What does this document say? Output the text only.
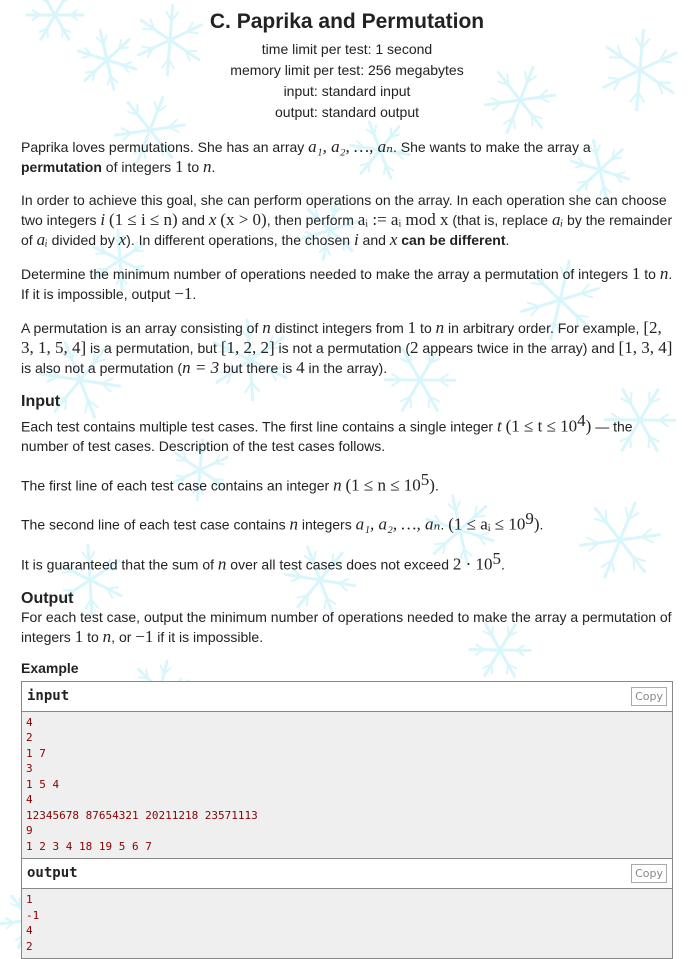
C. Paprika and Permutation
time limit per test: 1 second
memory limit per test: 256 megabytes
input: standard input
output: standard output

Paprika loves permutations. She has an array a₁, a₂, …, aₙ. She wants to make the array a permutation of integers 1 to n.

In order to achieve this goal, she can perform operations on the array. In each operation she can choose two integers i (1 ≤ i ≤ n) and x (x > 0), then perform aᵢ := aᵢ mod x (that is, replace aᵢ by the remainder of aᵢ divided by x). In different operations, the chosen i and x can be different.

Determine the minimum number of operations needed to make the array a permutation of integers 1 to n. If it is impossible, output −1.

A permutation is an array consisting of n distinct integers from 1 to n in arbitrary order. For example, [2, 3, 1, 5, 4] is a permutation, but [1, 2, 2] is not a permutation (2 appears twice in the array) and [1, 3, 4] is also not a permutation (n = 3 but there is 4 in the array).

Input

Each test contains multiple test cases. The first line contains a single integer t $(1 \le t \le 10^4)$ — the number of test cases. Description of the test cases follows.

The first line of each test case contains an integer n $(1 \le n \le 10^5)$.

The second line of each test case contains n integers a₁, a₂, …, aₙ. (1 ≤ aᵢ ≤ $10^9$).

It is guaranteed that the sum of n over all test cases does not exceed $2 \cdot 10^5$.

Output

For each test case, output the minimum number of operations needed to make the array a permutation of integers 1 to n, or −1 if it is impossible.

Example
input	Copy
4
2
1 7
3
1 5 4
4
12345678 87654321 20211218 23571113
9
1 2 3 4 18 19 5 6 7
output	Copy
1
-1
4
2
